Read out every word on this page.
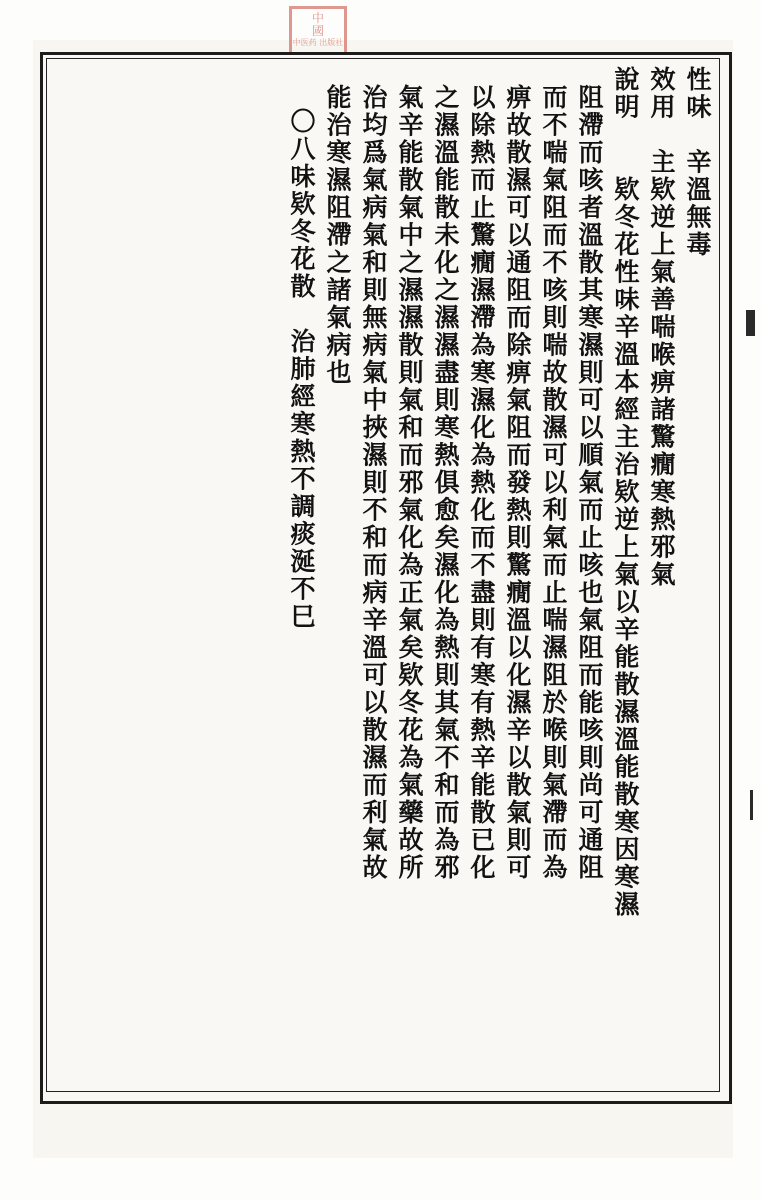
中
國
中医药 出版社
性味　辛溫無毒
效用　主欵逆上氣善喘喉痹諸驚癇寒熱邪氣
說明　　欵冬花性味辛溫本經主治欵逆上氣以辛能散濕溫能散寒因寒濕
阻滯而咳者溫散其寒濕則可以順氣而止咳也氣阻而能咳則尚可通阻
而不喘氣阻而不咳則喘故散濕可以利氣而止喘濕阻於喉則氣滯而為
痹故散濕可以通阻而除痹氣阻而發熱則驚癇溫以化濕辛以散氣則可
以除熱而止驚癇濕滯為寒濕化為熱化而不盡則有寒有熱辛能散已化
之濕溫能散未化之濕濕盡則寒熱俱愈矣濕化為熱則其氣不和而為邪
氣辛能散氣中之濕濕散則氣和而邪氣化為正氣矣欵冬花為氣藥故所
治均爲氣病氣和則無病氣中挾濕則不和而病辛溫可以散濕而利氣故
能治寒濕阻滯之諸氣病也
〇八味欵冬花散　治肺經寒熱不調痰涎不巳
